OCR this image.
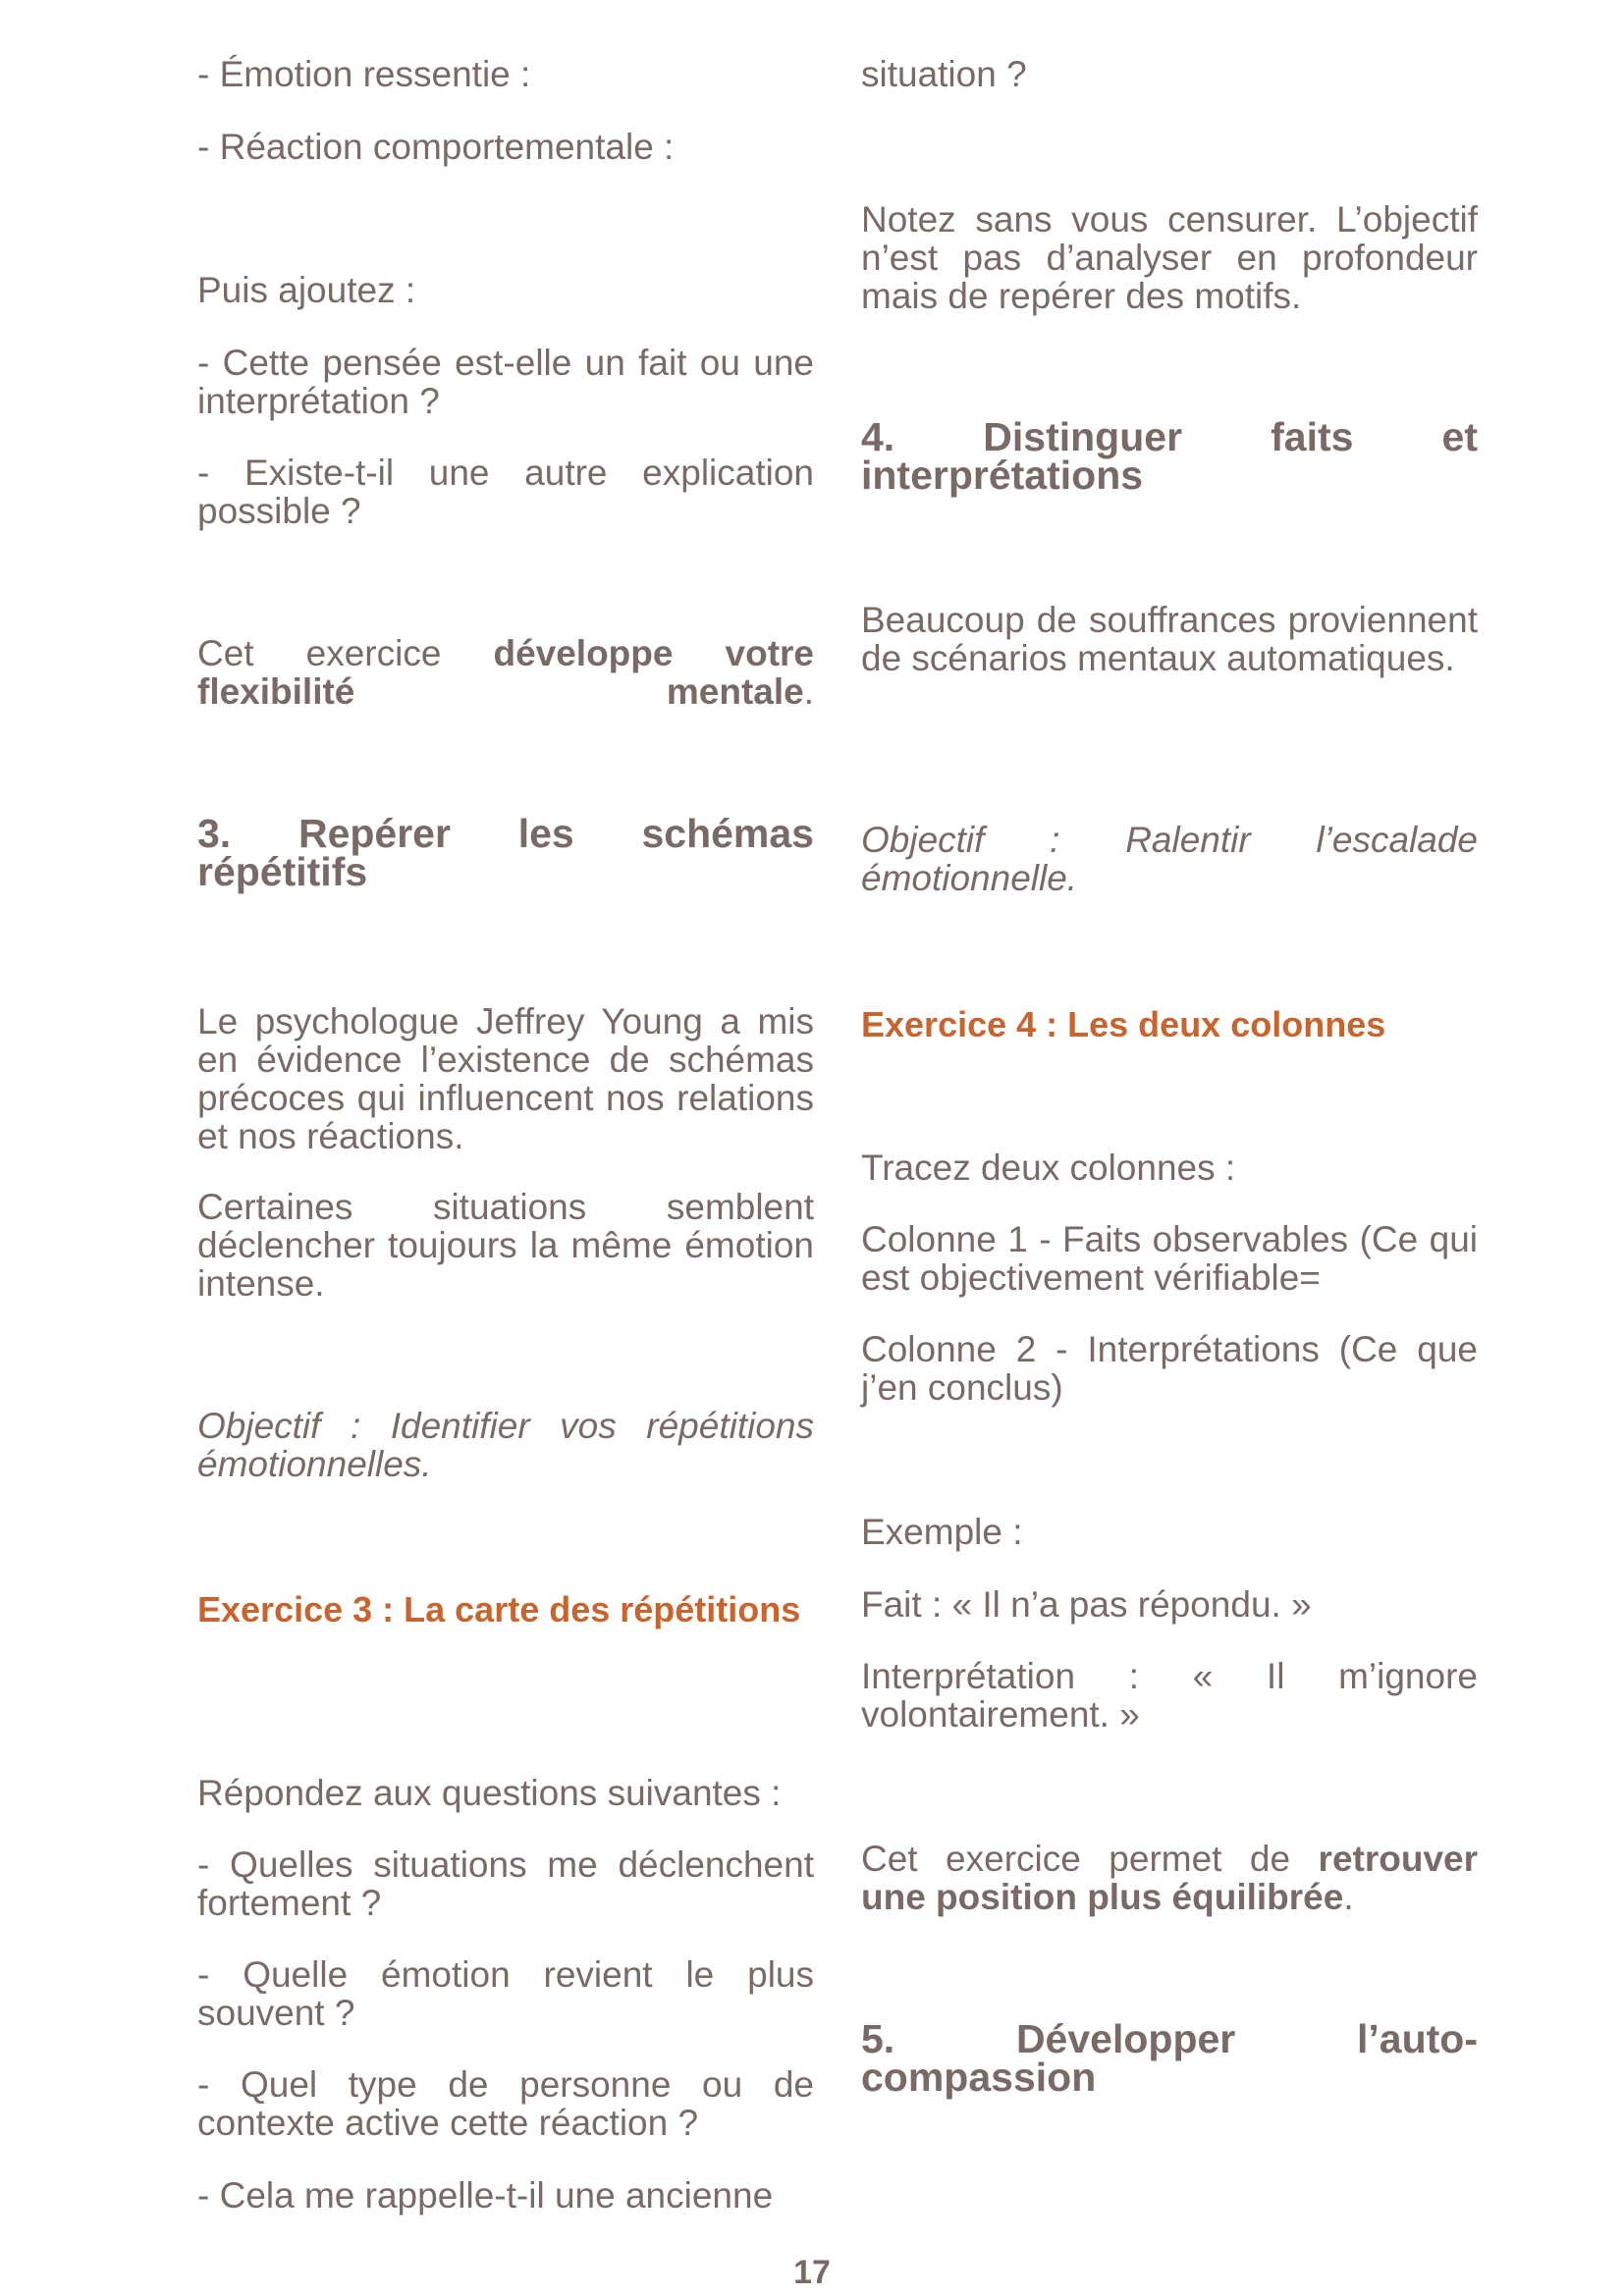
- Émotion ressentie :

- Réaction comportementale :

Puis ajoutez :

- Cette pensée est-elle un fait ou une interprétation ?

- Existe-t-il une autre explication possible ?

Cet exercice développe votre flexibilité mentale.

3. Repérer les schémas répétitifs

Le psychologue Jeffrey Young a mis en évidence l’existence de schémas précoces qui influencent nos relations et nos réactions.

Certaines situations semblent déclencher toujours la même émotion intense.

Objectif : Identifier vos répétitions émotionnelles.

Exercice 3 : La carte des répétitions

Répondez aux questions suivantes :

- Quelles situations me déclenchent fortement ?

- Quelle émotion revient le plus souvent ?

- Quel type de personne ou de contexte active cette réaction ?

- Cela me rappelle-t-il une ancienne

situation ?

Notez sans vous censurer. L’objectif n’est pas d’analyser en profondeur mais de repérer des motifs.

4. Distinguer faits et interprétations

Beaucoup de souffrances proviennent de scénarios mentaux automatiques.

Objectif : Ralentir l’escalade émotionnelle.

Exercice 4 : Les deux colonnes

Tracez deux colonnes :

Colonne 1 - Faits observables (Ce qui est objectivement vérifiable=

Colonne 2 - Interprétations (Ce que j’en conclus)

Exemple :

Fait : « Il n’a pas répondu. »

Interprétation : « Il m’ignore volontairement. »

Cet exercice permet de retrouver une position plus équilibrée.

5. Développer l’auto-compassion
17
